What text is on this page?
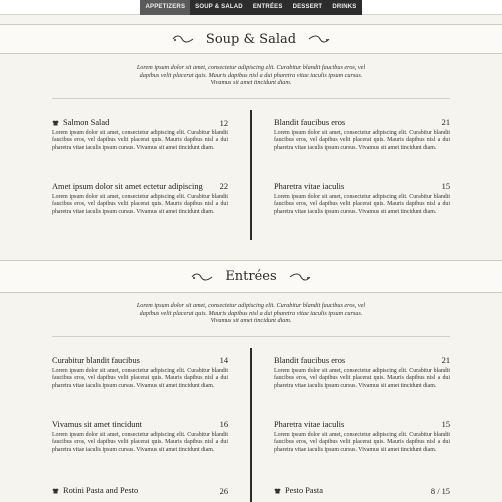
APPETIZERS	SOUP & SALAD	ENTRÉES	DESSERT	DRINKS
Soup & Salad
Lorem ipsum dolor sit amet, consectetur adipiscing elit. Curabitur blandit faucibus eros, vel dapibus velit placerat quis. Mauris dapibus nisl a dui pharetra vitae iaculis ipsum cursus. Vivamus sit amet tincidunt diam.
Salmon Salad	12
Lorem ipsum dolor sit amet, consectetur adipiscing elit. Curabitur blandit faucibus eros, vel dapibus velit placerat quis. Mauris dapibus nisl a dui pharetra vitae iaculis ipsum cursus. Vivamus sit amet tincidunt diam.
Blandit faucibus eros	21
Lorem ipsum dolor sit amet, consectetur adipiscing elit. Curabitur blandit faucibus eros, vel dapibus velit placerat quis. Mauris dapibus nisl a dui pharetra vitae iaculis ipsum cursus. Vivamus sit amet tincidunt diam.
Amet ipsum dolor sit amet ectetur adipiscing 22
Lorem ipsum dolor sit amet, consectetur adipiscing elit. Curabitur blandit faucibus eros, vel dapibus velit placerat quis. Mauris dapibus nisl a dui pharetra vitae iaculis ipsum cursus. Vivamus sit amet tincidunt diam.
Pharetra vitae iaculis	15
Lorem ipsum dolor sit amet, consectetur adipiscing elit. Curabitur blandit faucibus eros, vel dapibus velit placerat quis. Mauris dapibus nisl a dui pharetra vitae iaculis ipsum cursus. Vivamus sit amet tincidunt diam.
Entrées
Lorem ipsum dolor sit amet, consectetur adipiscing elit. Curabitur blandit faucibus eros, vel dapibus velit placerat quis. Mauris dapibus nisl a dui pharetra vitae iaculis ipsum cursus. Vivamus sit amet tincidunt diam.
Curabitur blandit faucibus	14
Lorem ipsum dolor sit amet, consectetur adipiscing elit. Curabitur blandit faucibus eros, vel dapibus velit placerat quis. Mauris dapibus nisl a dui pharetra vitae iaculis ipsum cursus. Vivamus sit amet tincidunt diam.
Blandit faucibus eros	21
Lorem ipsum dolor sit amet, consectetur adipiscing elit. Curabitur blandit faucibus eros, vel dapibus velit placerat quis. Mauris dapibus nisl a dui pharetra vitae iaculis ipsum cursus. Vivamus sit amet tincidunt diam.
Vivamus sit amet tincidunt	16
Lorem ipsum dolor sit amet, consectetur adipiscing elit. Curabitur blandit faucibus eros, vel dapibus velit placerat quis. Mauris dapibus nisl a dui pharetra vitae iaculis ipsum cursus. Vivamus sit amet tincidunt diam.
Pharetra vitae iaculis	15
Lorem ipsum dolor sit amet, consectetur adipiscing elit. Curabitur blandit faucibus eros, vel dapibus velit placerat quis. Mauris dapibus nisl a dui pharetra vitae iaculis ipsum cursus. Vivamus sit amet tincidunt diam.
Rotini Pasta and Pesto	26	Pesto Pasta	8 / 15
